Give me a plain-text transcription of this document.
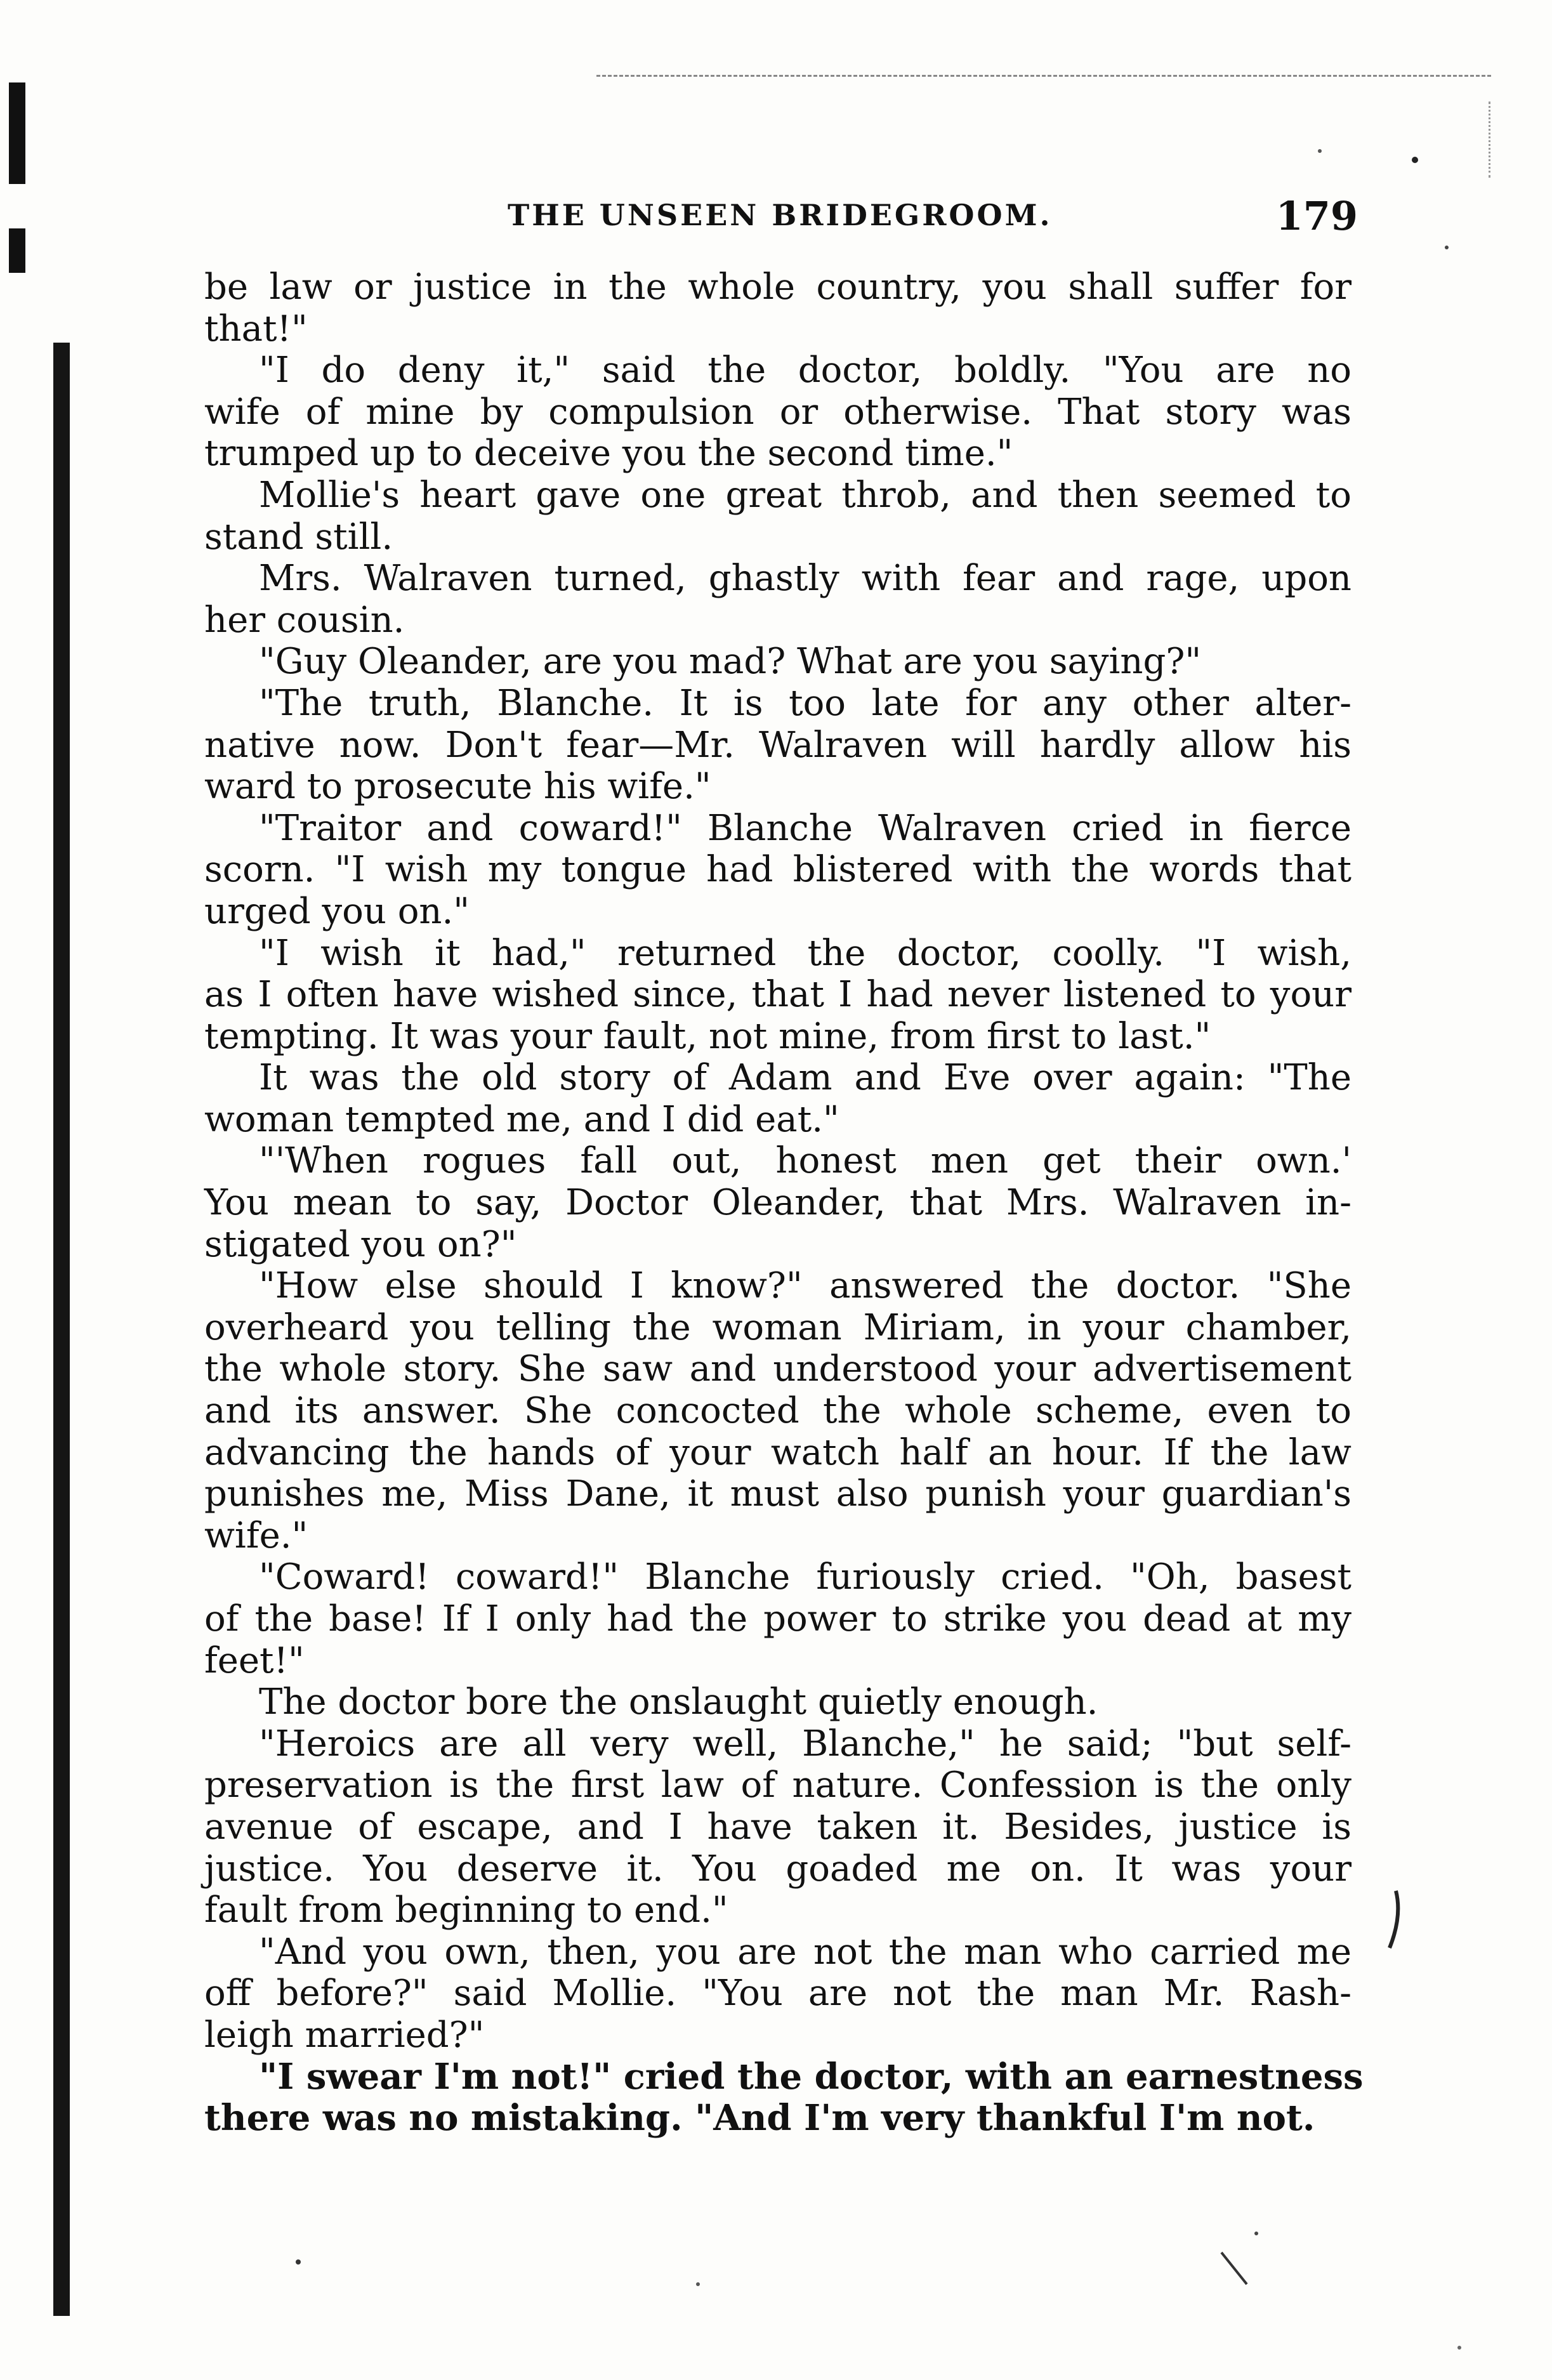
THE UNSEEN BRIDEGROOM.	179
be law or justice in the whole country, you shall suffer for
that!"
"I do deny it," said the doctor, boldly. "You are no
wife of mine by compulsion or otherwise. That story was
trumped up to deceive you the second time."
Mollie's heart gave one great throb, and then seemed to
stand still.
Mrs. Walraven turned, ghastly with fear and rage, upon
her cousin.
"Guy Oleander, are you mad? What are you saying?"
"The truth, Blanche. It is too late for any other alter-
native now. Don't fear—Mr. Walraven will hardly allow his
ward to prosecute his wife."
"Traitor and coward!" Blanche Walraven cried in fierce
scorn. "I wish my tongue had blistered with the words that
urged you on."
"I wish it had," returned the doctor, coolly. "I wish,
as I often have wished since, that I had never listened to your
tempting. It was your fault, not mine, from first to last."
It was the old story of Adam and Eve over again: "The
woman tempted me, and I did eat."
"'When rogues fall out, honest men get their own.'
You mean to say, Doctor Oleander, that Mrs. Walraven in-
stigated you on?"
"How else should I know?" answered the doctor. "She
overheard you telling the woman Miriam, in your chamber,
the whole story. She saw and understood your advertisement
and its answer. She concocted the whole scheme, even to
advancing the hands of your watch half an hour. If the law
punishes me, Miss Dane, it must also punish your guardian's
wife."
"Coward! coward!" Blanche furiously cried. "Oh, basest
of the base! If I only had the power to strike you dead at my
feet!"
The doctor bore the onslaught quietly enough.
"Heroics are all very well, Blanche," he said; "but self-
preservation is the first law of nature. Confession is the only
avenue of escape, and I have taken it. Besides, justice is
justice. You deserve it. You goaded me on. It was your
fault from beginning to end."
"And you own, then, you are not the man who carried me
off before?" said Mollie. "You are not the man Mr. Rash-
leigh married?"
"I swear I'm not!" cried the doctor, with an earnestness
there was no mistaking. "And I'm very thankful I'm not.
